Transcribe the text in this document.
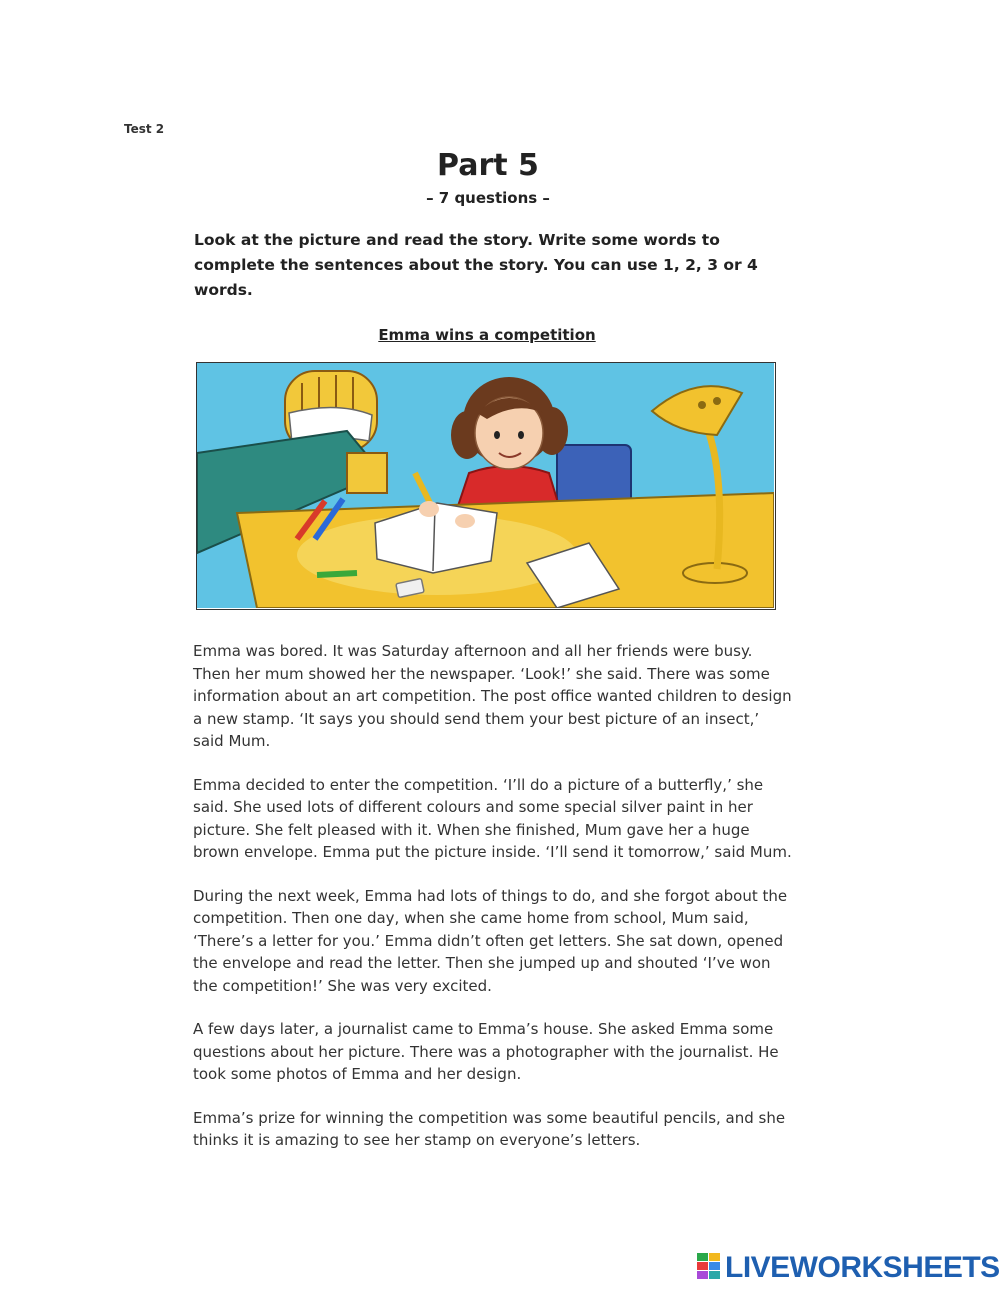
Test 2
Part 5
– 7 questions –
Look at the picture and read the story. Write some words to complete the sentences about the story. You can use 1, 2, 3 or 4 words.
Emma wins a competition

Emma was bored. It was Saturday afternoon and all her friends were busy. Then her mum showed her the newspaper. ‘Look!’ she said. There was some information about an art competition. The post office wanted children to design a new stamp. ‘It says you should send them your best picture of an insect,’ said Mum.

Emma decided to enter the competition. ‘I’ll do a picture of a butterfly,’ she said. She used lots of different colours and some special silver paint in her picture. She felt pleased with it. When she finished, Mum gave her a huge brown envelope. Emma put the picture inside. ‘I’ll send it tomorrow,’ said Mum.

During the next week, Emma had lots of things to do, and she forgot about the competition. Then one day, when she came home from school, Mum said, ‘There’s a letter for you.’ Emma didn’t often get letters. She sat down, opened the envelope and read the letter. Then she jumped up and shouted ‘I’ve won the competition!’ She was very excited.

A few days later, a journalist came to Emma’s house. She asked Emma some questions about her picture. There was a photographer with the journalist. He took some photos of Emma and her design.

Emma’s prize for winning the competition was some beautiful pencils, and she thinks it is amazing to see her stamp on everyone’s letters.

LIVEWORKSHEETS
